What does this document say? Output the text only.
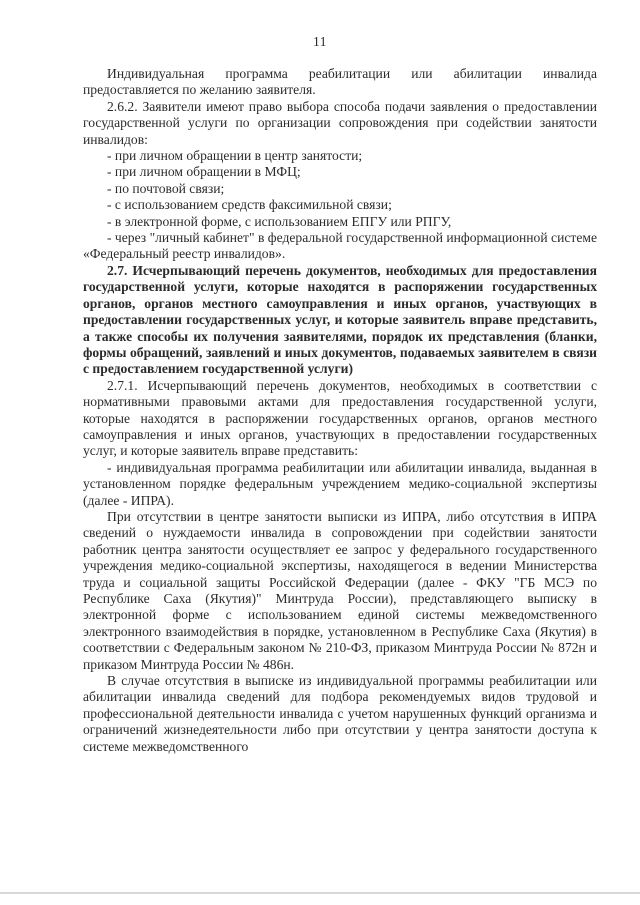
11

Индивидуальная программа реабилитации или абилитации инвалида предоставляется по желанию заявителя.

2.6.2. Заявители имеют право выбора способа подачи заявления о предоставлении государственной услуги по организации сопровождения при содействии занятости инвалидов:

- при личном обращении в центр занятости;

- при личном обращении в МФЦ;

- по почтовой связи;

- с использованием средств факсимильной связи;

- в электронной форме, с использованием ЕПГУ или РПГУ,

- через "личный кабинет" в федеральной государственной информационной системе «Федеральный реестр инвалидов».

2.7. Исчерпывающий перечень документов, необходимых для предоставления государственной услуги, которые находятся в распоряжении государственных органов, органов местного самоуправления и иных органов, участвующих в предоставлении государственных услуг, и которые заявитель вправе представить, а также способы их получения заявителями, порядок их представления (бланки, формы обращений, заявлений и иных документов, подаваемых заявителем в связи с предоставлением государственной услуги)

2.7.1. Исчерпывающий перечень документов, необходимых в соответствии с нормативными правовыми актами для предоставления государственной услуги, которые находятся в распоряжении государственных органов, органов местного самоуправления и иных органов, участвующих в предоставлении государственных услуг, и которые заявитель вправе представить:

- индивидуальная программа реабилитации или абилитации инвалида, выданная в установленном порядке федеральным учреждением медико-социальной экспертизы (далее - ИПРА).

При отсутствии в центре занятости выписки из ИПРА, либо отсутствия в ИПРА сведений о нуждаемости инвалида в сопровождении при содействии занятости работник центра занятости осуществляет ее запрос у федерального государственного учреждения медико-социальной экспертизы, находящегося в ведении Министерства труда и социальной защиты Российской Федерации (далее - ФКУ "ГБ МСЭ по Республике Саха (Якутия)" Минтруда России), представляющего выписку в электронной форме с использованием единой системы межведомственного электронного взаимодействия в порядке, установленном в Республике Саха (Якутия) в соответствии с Федеральным законом № 210-ФЗ, приказом Минтруда России № 872н и приказом Минтруда России № 486н.

В случае отсутствия в выписке из индивидуальной программы реабилитации или абилитации инвалида сведений для подбора рекомендуемых видов трудовой и профессиональной деятельности инвалида с учетом нарушенных функций организма и ограничений жизнедеятельности либо при отсутствии у центра занятости доступа к системе межведомственного
